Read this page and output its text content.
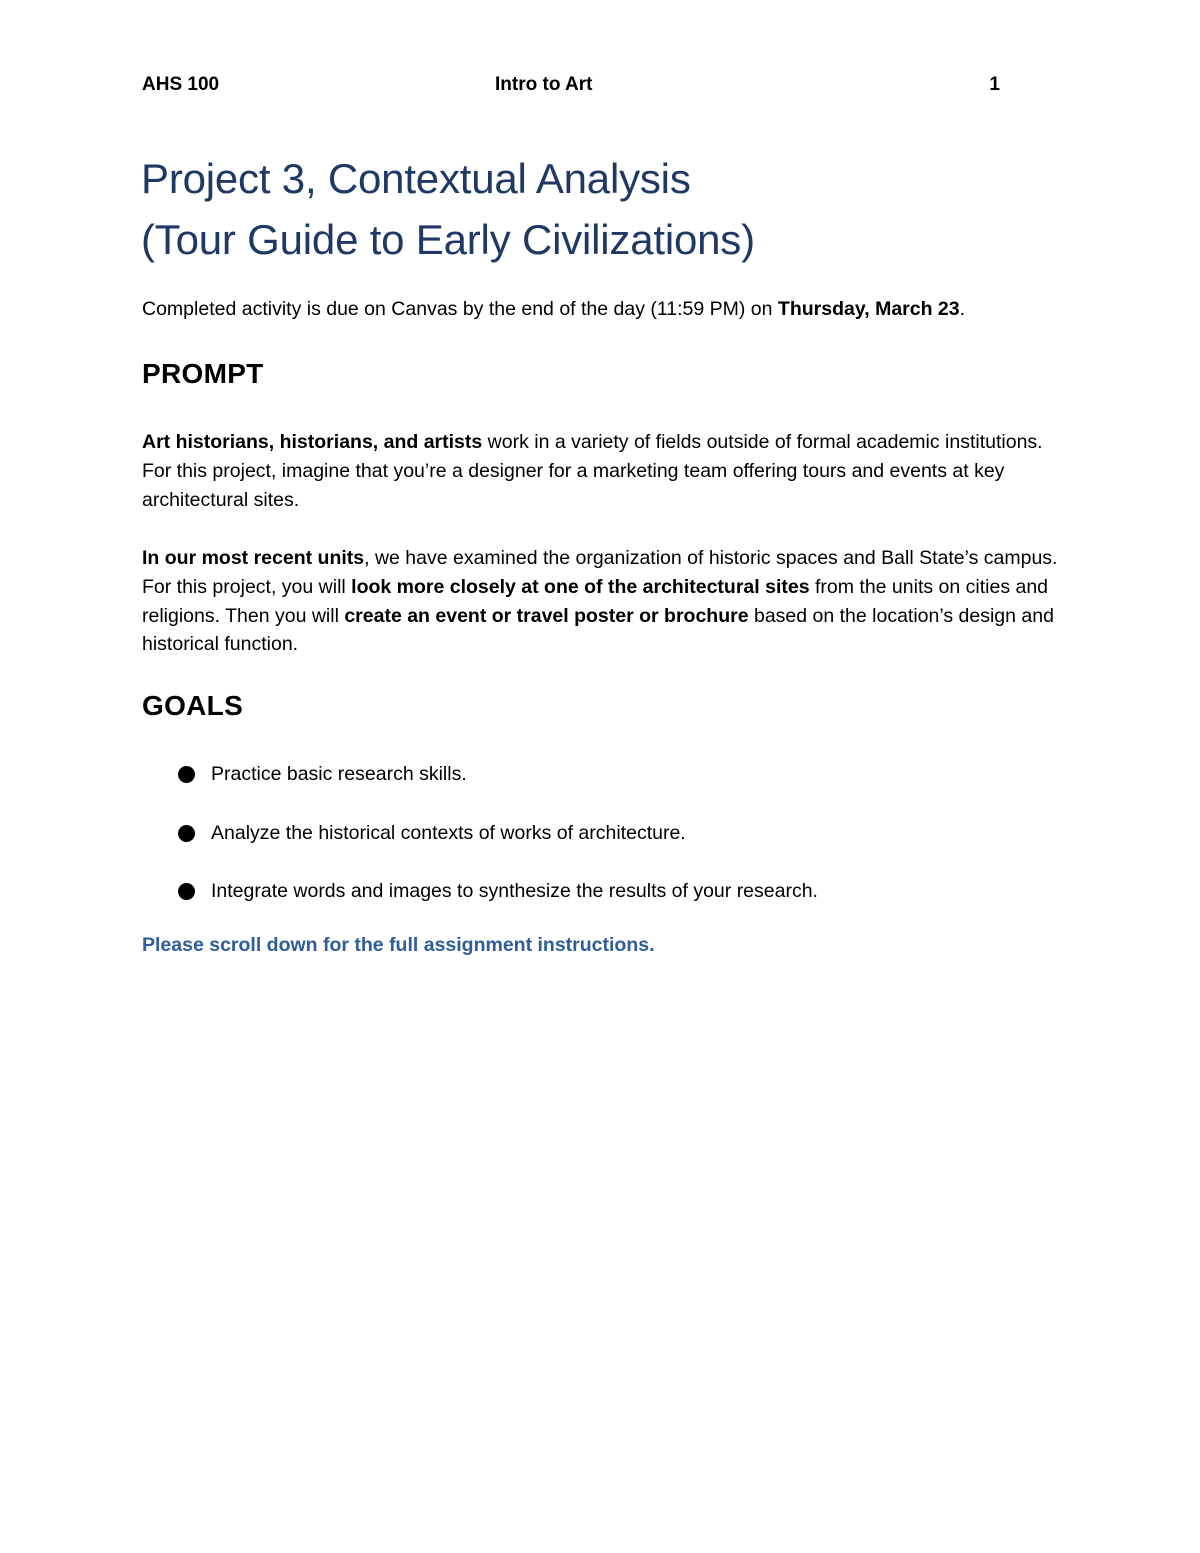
AHS 100	Intro to Art	1
Project 3, Contextual Analysis
(Tour Guide to Early Civilizations)
Completed activity is due on Canvas by the end of the day (11:59 PM) on Thursday, March 23.
PROMPT
Art historians, historians, and artists work in a variety of fields outside of formal academic institutions. For this project, imagine that you’re a designer for a marketing team offering tours and events at key architectural sites.
In our most recent units, we have examined the organization of historic spaces and Ball State’s campus. For this project, you will look more closely at one of the architectural sites from the units on cities and religions. Then you will create an event or travel poster or brochure based on the location’s design and historical function.
GOALS
Practice basic research skills.
Analyze the historical contexts of works of architecture.
Integrate words and images to synthesize the results of your research.
Please scroll down for the full assignment instructions.
